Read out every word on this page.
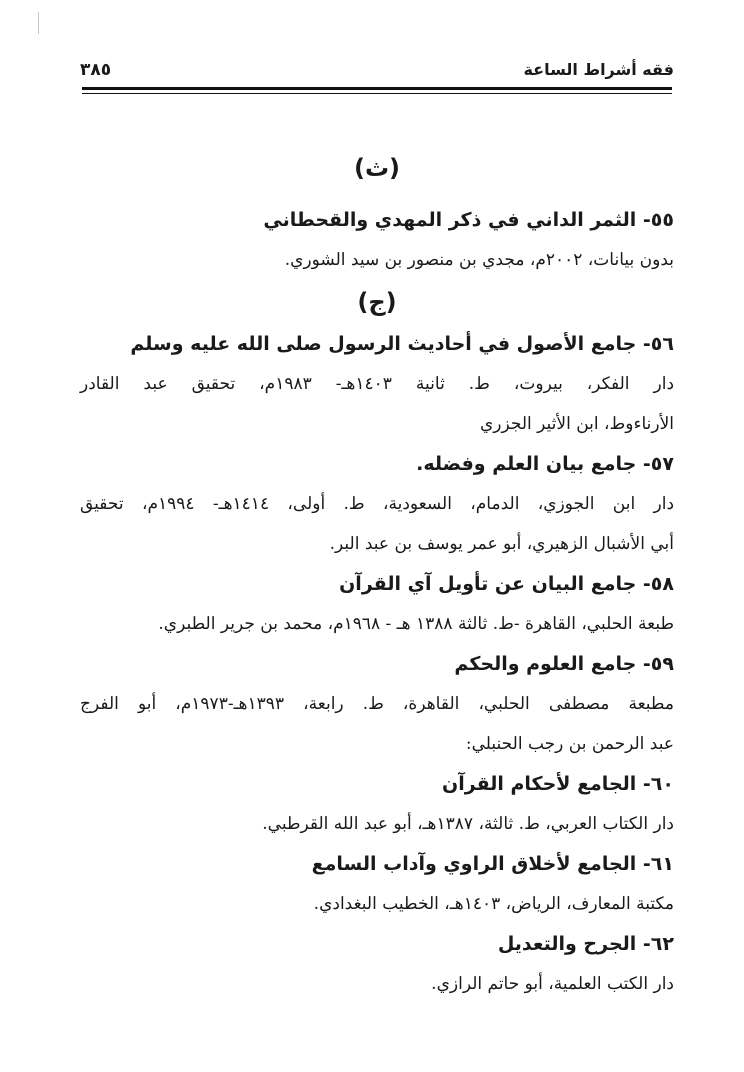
فقه أشراط الساعة
٣٨٥
(ث)
٥٥- الثمر الداني في ذكر المهدي والقحطاني
بدون بيانات، ٢٠٠٢م، مجدي بن منصور بن سيد الشوري.
(ج)
٥٦- جامع الأصول في أحاديث الرسول صلى الله عليه وسلم
دار الفكر، بيروت، ط. ثانية ١٤٠٣هـ- ١٩٨٣م، تحقيق عبد القادر
الأرناءوط، ابن الأثير الجزري
٥٧- جامع بيان العلم وفضله.
دار ابن الجوزي، الدمام، السعودية، ط. أولى، ١٤١٤هـ- ١٩٩٤م، تحقيق
أبي الأشبال الزهيري، أبو عمر يوسف بن عبد البر.
٥٨- جامع البيان عن تأويل آي القرآن
طبعة الحلبي، القاهرة -ط. ثالثة ١٣٨٨ هـ - ١٩٦٨م، محمد بن جرير الطبري.
٥٩- جامع العلوم والحكم
مطبعة مصطفى الحلبي، القاهرة، ط. رابعة، ١٣٩٣هـ-١٩٧٣م، أبو الفرج
عبد الرحمن بن رجب الحنبلي:
٦٠- الجامع لأحكام القرآن
دار الكتاب العربي، ط. ثالثة، ١٣٨٧هـ، أبو عبد الله القرطبي.
٦١- الجامع لأخلاق الراوي وآداب السامع
مكتبة المعارف، الرياض، ١٤٠٣هـ، الخطيب البغدادي.
٦٢- الجرح والتعديل
دار الكتب العلمية، أبو حاتم الرازي.
